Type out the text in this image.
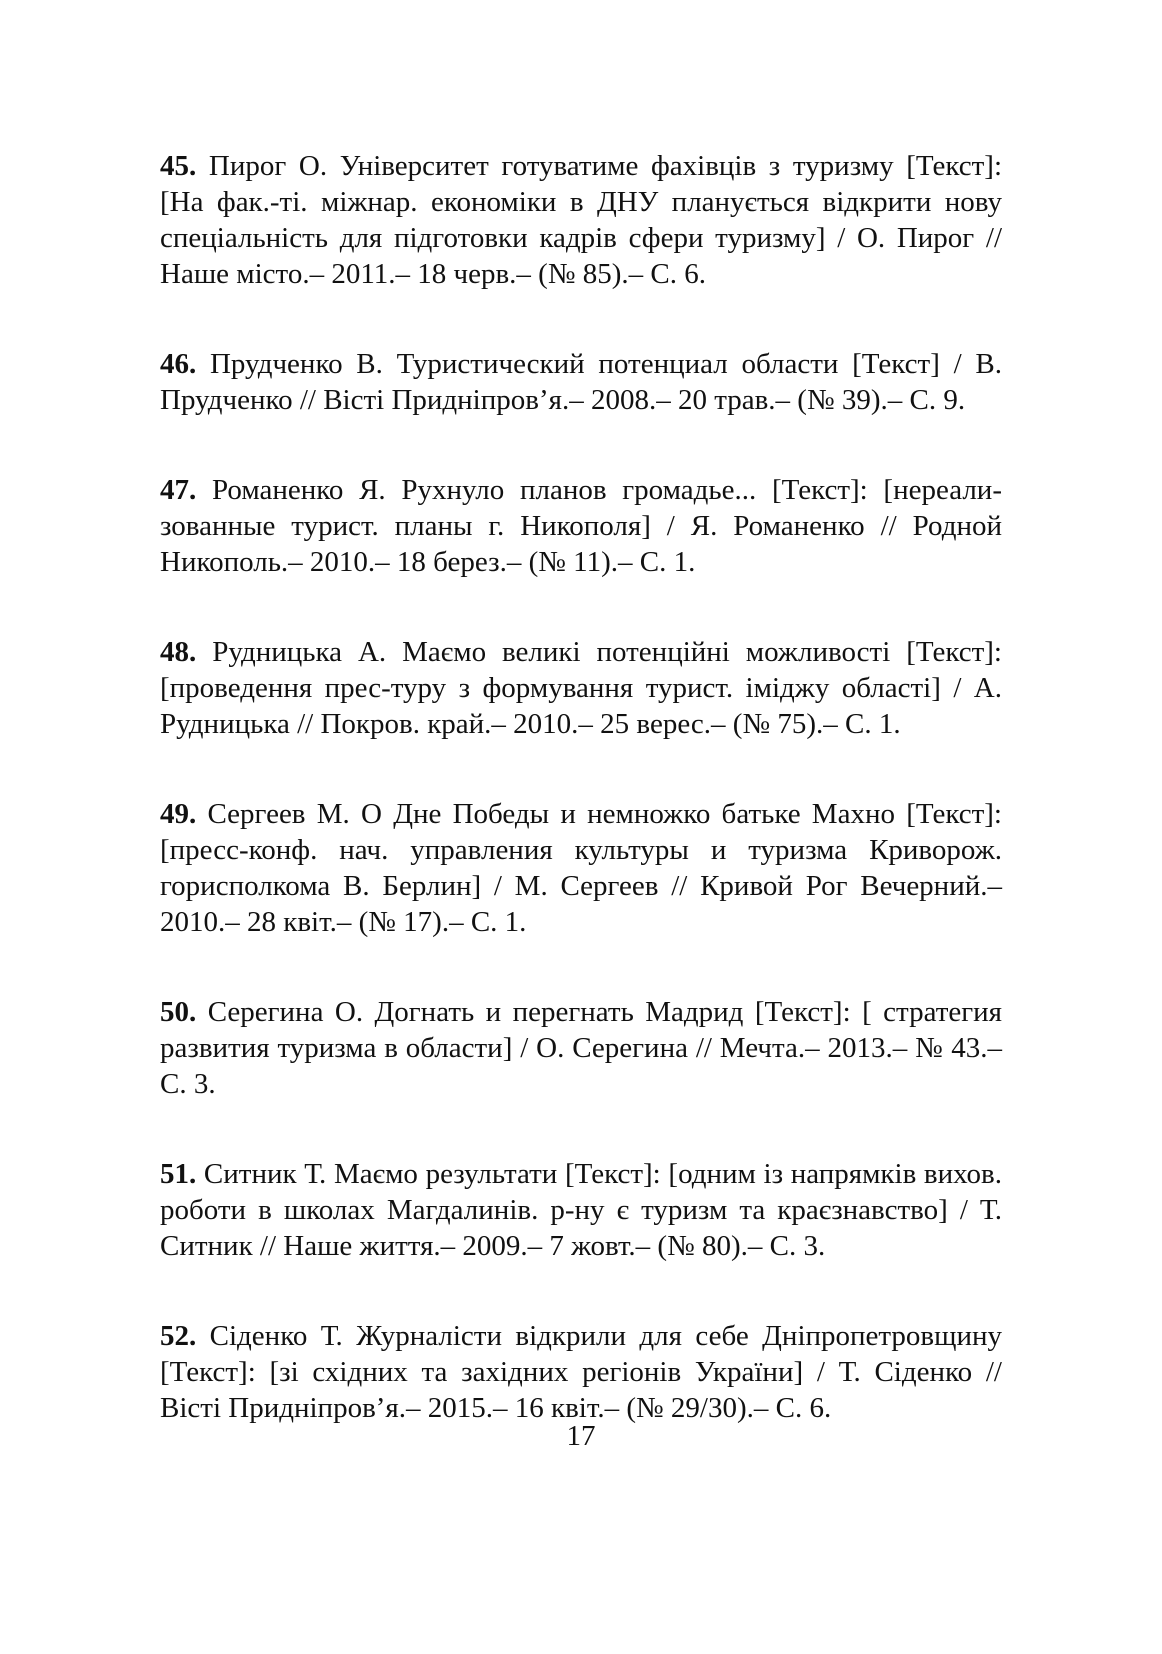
45. Пирог О. Університет готуватиме фахівців з туризму [Текст]: [На фак.-ті. міжнар. економіки в ДНУ планується відкрити нову спеціальність для підготовки кадрів сфери туризму] / О. Пирог // Наше місто.– 2011.– 18 черв.– (№ 85).– С. 6.

46. Прудченко В. Туристический потенциал области [Текст] / В. Прудченко // Вісті Придніпров’я.– 2008.– 20 трав.– (№ 39).– С. 9.

47. Романенко Я. Рухнуло планов громадье... [Текст]: [нереализованные турист. планы г. Никополя] / Я. Романенко // Родной Никополь.– 2010.– 18 берез.– (№ 11).– С. 1.

48. Рудницька А. Маємо великі потенційні можливості [Текст]: [проведення прес-туру з формування турист. іміджу області] / А. Рудницька // Покров. край.– 2010.– 25 верес.– (№ 75).– С. 1.

49. Сергеев М. О Дне Победы и немножко батьке Махно [Текст]: [пресс-конф. нач. управления культуры и туризма Криворож. горисполкома В. Берлин] / М. Сергеев // Кривой Рог Вечерний.– 2010.– 28 квіт.– (№ 17).– С. 1.

50. Серегина О. Догнать и перегнать Мадрид [Текст]: [ стратегия развития туризма в области] / О. Серегина // Мечта.– 2013.– № 43.– С. 3.

51. Ситник Т. Маємо результати [Текст]: [одним із напрямків вихов. роботи в школах Магдалинів. р-ну є туризм та краєзнавство] / Т. Ситник // Наше життя.– 2009.– 7 жовт.– (№ 80).– С. 3.

52. Сіденко Т. Журналісти відкрили для себе Дніпропетровщину [Текст]: [зі східних та західних регіонів України] / Т. Сіденко // Вісті Придніпров’я.– 2015.– 16 квіт.– (№ 29/30).– С. 6.

17
